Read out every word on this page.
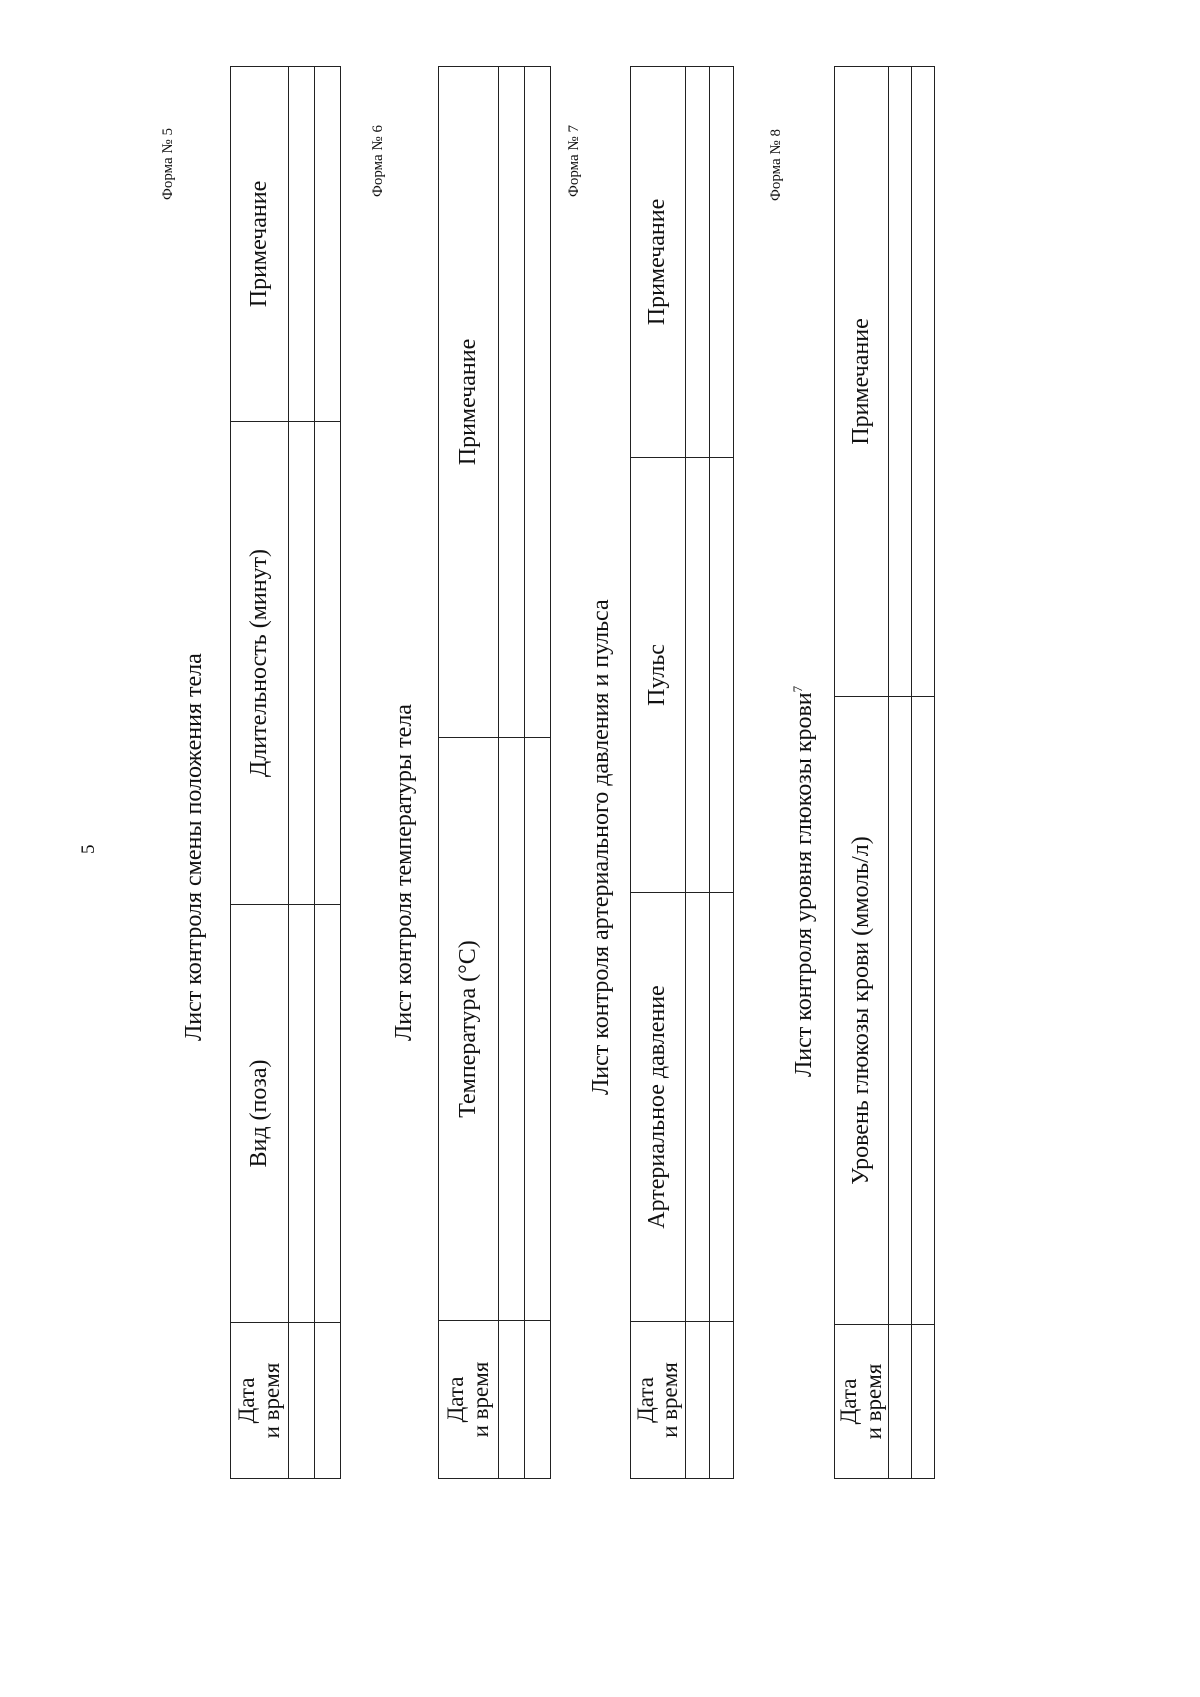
5
Форма № 5
Лист контроля смены положения тела
Дата
и время	Вид (поза)	Длительность (минут)	Примечание

Форма № 6
Лист контроля температуры тела
Дата
и время	Температура (°С)	Примечание

Форма № 7
Лист контроля артериального давления и пульса
Дата
и время	Артериальное давление	Пульс	Примечание

Форма № 8
Лист контроля уровня глюкозы крови$^7$
Дата
и время	Уровень глюкозы крови (ммоль/л)	Примечание
